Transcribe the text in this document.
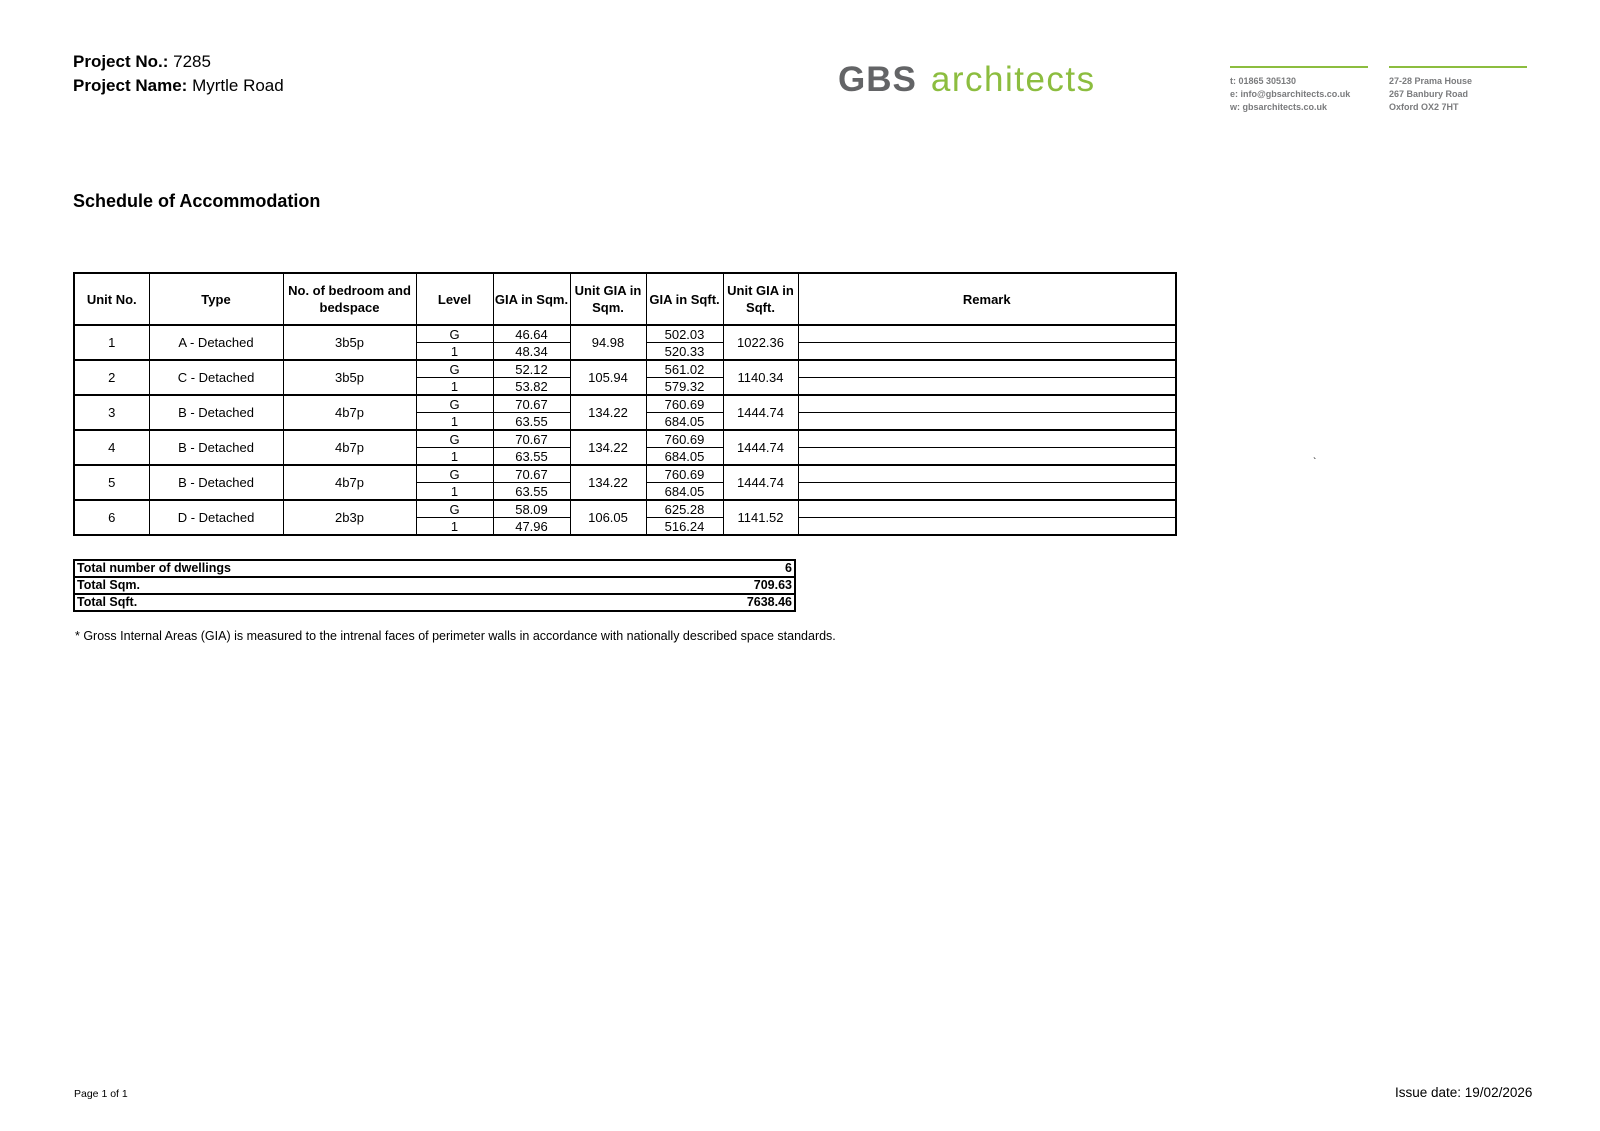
Project No.: 7285
Project Name: Myrtle Road	GBS architects	t: 01865 305130
e: info@gbsarchitects.co.uk
w: gbsarchitects.co.uk
27-28 Prama House
267 Banbury Road
Oxford OX2 7HT
Schedule of Accommodation
Unit No.	Type	No. of bedroom and bedspace	Level	GIA in Sqm.	Unit GIA in Sqm.	GIA in Sqft.	Unit GIA in Sqft.	Remark
1	A - Detached	3b5p	G	46.64	94.98	502.03	1022.36	
			1	48.34		520.33		
2	C - Detached	3b5p	G	52.12	105.94	561.02	1140.34	
			1	53.82		579.32		
3	B - Detached	4b7p	G	70.67	134.22	760.69	1444.74	
			1	63.55		684.05		
4	B - Detached	4b7p	G	70.67	134.22	760.69	1444.74	
			1	63.55		684.05		
5	B - Detached	4b7p	G	70.67	134.22	760.69	1444.74	
			1	63.55		684.05		
6	D - Detached	2b3p	G	58.09	106.05	625.28	1141.52	
			1	47.96		516.24		
Total number of dwellings	6
Total Sqm.	709.63
Total Sqft.	7638.46
* Gross Internal Areas (GIA) is measured to the intrenal faces of perimeter walls in accordance with nationally described space standards.
`
Page 1 of 1	Issue date: 19/02/2026
